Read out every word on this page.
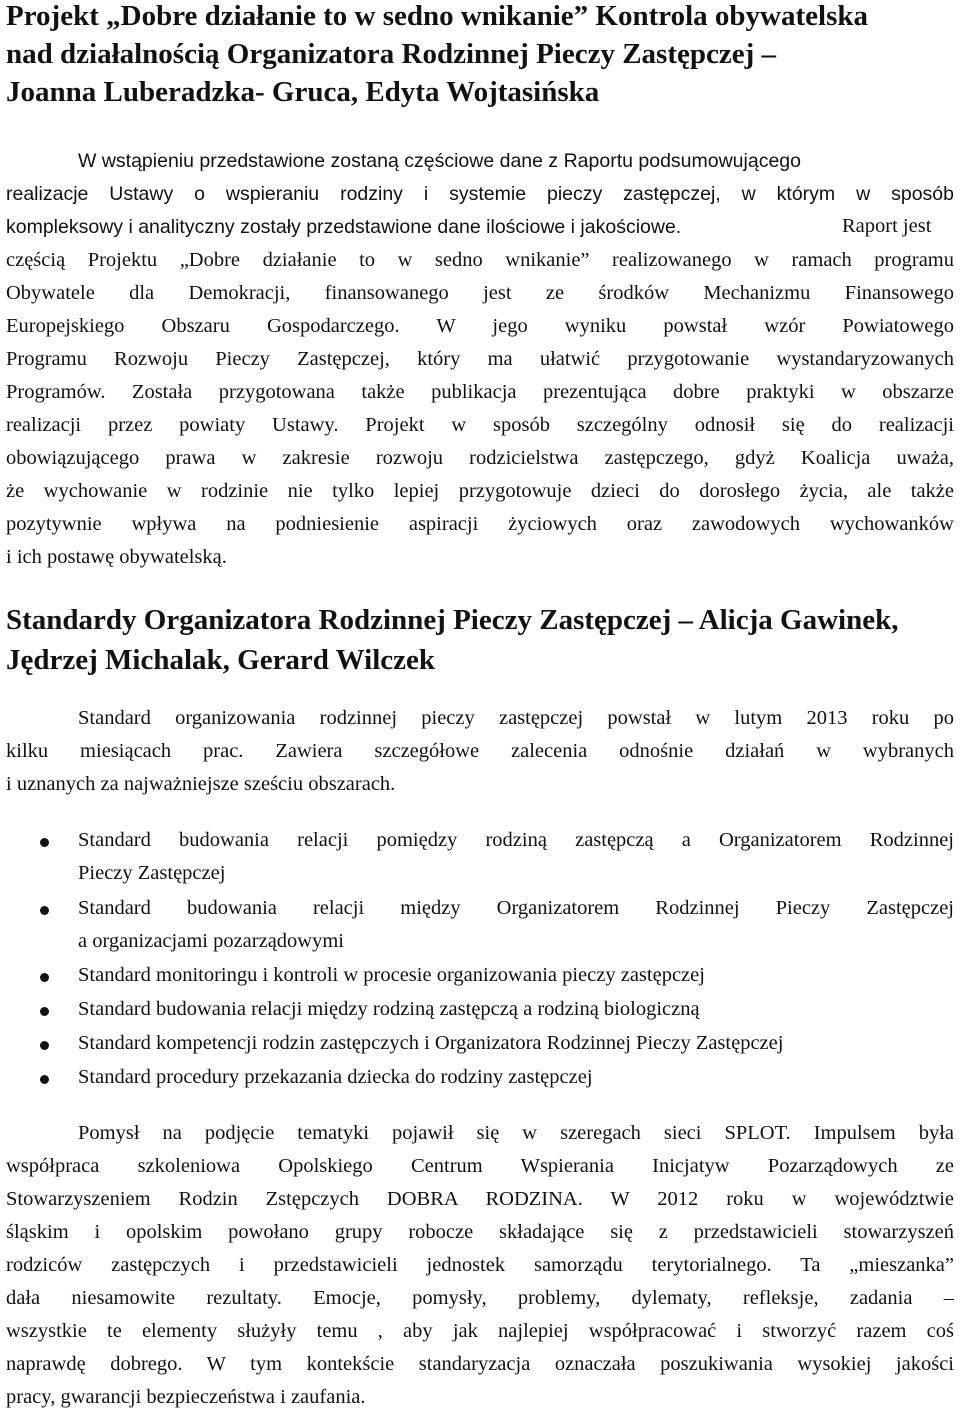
Projekt „Dobre działanie to w sedno wnikanie” Kontrola obywatelska
nad działalnością Organizatora Rodzinnej Pieczy Zastępczej –
Joanna Luberadzka- Gruca, Edyta Wojtasińska
W wstąpieniu przedstawione zostaną częściowe dane z Raportu podsumowującego
realizacje Ustawy o wspieraniu rodziny i systemie pieczy zastępczej, w którym w sposób
kompleksowy i analityczny zostały przedstawione dane ilościowe i jakościowe.	Raport jest
częścią Projektu „Dobre działanie to w sedno wnikanie” realizowanego w ramach programu
Obywatele dla Demokracji, finansowanego jest ze środków Mechanizmu Finansowego
Europejskiego Obszaru Gospodarczego. W jego wyniku powstał wzór Powiatowego
Programu Rozwoju Pieczy Zastępczej, który ma ułatwić przygotowanie wystandaryzowanych
Programów. Została przygotowana także publikacja prezentująca dobre praktyki w obszarze
realizacji przez powiaty Ustawy. Projekt w sposób szczególny odnosił się do realizacji
obowiązującego prawa w zakresie rozwoju rodzicielstwa zastępczego, gdyż Koalicja uważa,
że wychowanie w rodzinie nie tylko lepiej przygotowuje dzieci do dorosłego życia, ale także
pozytywnie wpływa na podniesienie aspiracji życiowych oraz zawodowych wychowanków
i ich postawę obywatelską.
Standardy Organizatora Rodzinnej Pieczy Zastępczej – Alicja Gawinek,
Jędrzej Michalak, Gerard Wilczek
Standard organizowania rodzinnej pieczy zastępczej powstał w lutym 2013 roku po
kilku miesiącach prac. Zawiera szczegółowe zalecenia odnośnie działań w wybranych
i uznanych za najważniejsze sześciu obszarach.
Standard budowania relacji pomiędzy rodziną zastępczą a Organizatorem Rodzinnej
Pieczy Zastępczej
Standard budowania relacji między Organizatorem Rodzinnej Pieczy Zastępczej
a organizacjami pozarządowymi
Standard monitoringu i kontroli w procesie organizowania pieczy zastępczej
Standard budowania relacji między rodziną zastępczą a rodziną biologiczną
Standard kompetencji rodzin zastępczych i Organizatora Rodzinnej Pieczy Zastępczej
Standard procedury przekazania dziecka do rodziny zastępczej
Pomysł na podjęcie tematyki pojawił się w szeregach sieci SPLOT. Impulsem była
współpraca szkoleniowa Opolskiego Centrum Wspierania Inicjatyw Pozarządowych ze
Stowarzyszeniem Rodzin Zstępczych DOBRA RODZINA. W 2012 roku w województwie
śląskim i opolskim powołano grupy robocze składające się z przedstawicieli stowarzyszeń
rodziców zastępczych i przedstawicieli jednostek samorządu terytorialnego. Ta „mieszanka”
dała niesamowite rezultaty. Emocje, pomysły, problemy, dylematy, refleksje, zadania –
wszystkie te elementy służyły temu , aby jak najlepiej współpracować i stworzyć razem coś
naprawdę dobrego. W tym kontekście standaryzacja oznaczała poszukiwania wysokiej jakości
pracy, gwarancji bezpieczeństwa i zaufania.
